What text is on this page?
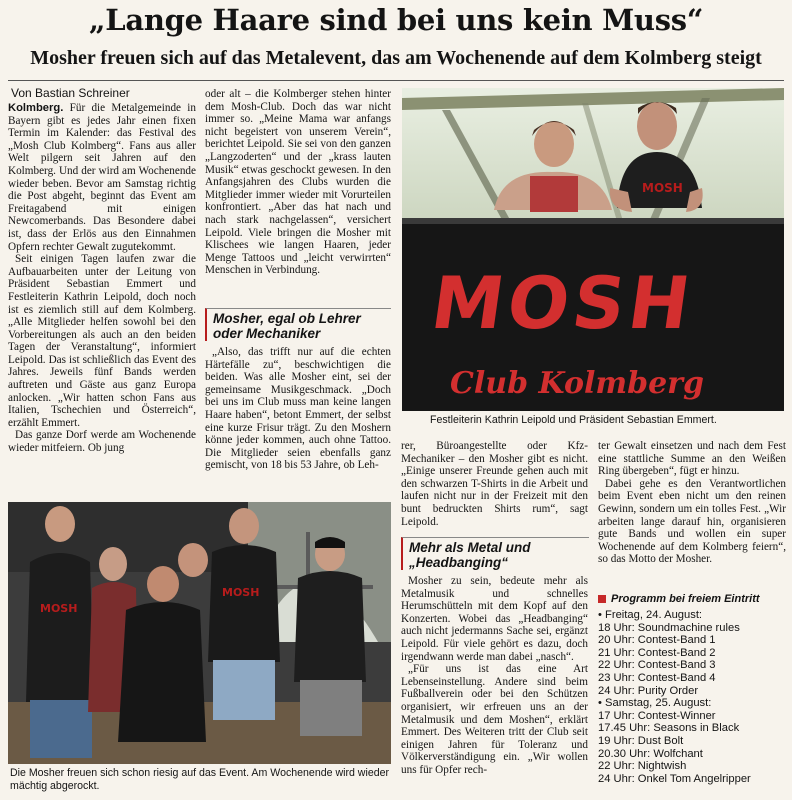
„Lange Haare sind bei uns kein Muss“
Mosher freuen sich auf das Metalevent, das am Wochenende auf dem Kolmberg steigt
Von Bastian Schreiner

Kolmberg. Für die Metalgemeinde in Bayern gibt es jedes Jahr einen fixen Termin im Kalender: das Festival des „Mosh Club Kolmberg“. Fans aus aller Welt pilgern seit Jahren auf den Kolmberg. Und der wird am Wochenende wieder beben. Bevor am Samstag richtig die Post abgeht, beginnt das Event am Freitagabend mit einigen Newcomerbands. Das Besondere dabei ist, dass der Erlös aus den Einnahmen Opfern rechter Gewalt zugutekommt.

Seit einigen Tagen laufen zwar die Aufbauarbeiten unter der Leitung von Präsident Sebastian Emmert und Festleiterin Kathrin Leipold, doch noch ist es ziemlich still auf dem Kolmberg. „Alle Mitglieder helfen sowohl bei den Vorbereitungen als auch an den beiden Tagen der Veranstaltung“, informiert Leipold. Das ist schließlich das Event des Jahres. Jeweils fünf Bands werden auftreten und Gäste aus ganz Europa anlocken. „Wir hatten schon Fans aus Italien, Tschechien und Österreich“, erzählt Emmert.

Das ganze Dorf werde am Wochenende wieder mitfeiern. Ob jung

oder alt – die Kolmberger stehen hinter dem Mosh-Club. Doch das war nicht immer so. „Meine Mama war anfangs nicht begeistert von unserem Verein“, berichtet Leipold. Sie sei von den ganzen „Langzoderten“ und der „krass lauten Musik“ etwas geschockt gewesen. In den Anfangsjahren des Clubs wurden die Mitglieder immer wieder mit Vorurteilen konfrontiert. „Aber das hat nach und nach stark nachgelassen“, versichert Leipold. Viele bringen die Mosher mit Klischees wie langen Haaren, jeder Menge Tattoos und „leicht verwirrten“ Menschen in Verbindung.

Mosher, egal ob Lehrer oder Mechaniker

„Also, das trifft nur auf die echten Härtefälle zu“, beschwichtigen die beiden. Was alle Mosher eint, sei der gemeinsame Musikgeschmack. „Doch bei uns im Club muss man keine langen Haare haben“, betont Emmert, der selbst eine kurze Frisur trägt. Zu den Moshern könne jeder kommen, auch ohne Tattoo. Die Mitglieder seien ebenfalls ganz gemischt, von 18 bis 53 Jahre, ob Leh-

MOSH
MOSH
Club Kolmberg
Festleiterin Kathrin Leipold und Präsident Sebastian Emmert.

rer, Büroangestellte oder Kfz-Mechaniker – den Mosher gibt es nicht. „Einige unserer Freunde gehen auch mit den schwarzen T-Shirts in die Arbeit und laufen nicht nur in der Freizeit mit den bunt bedruckten Shirts rum“, sagt Leipold.

Mehr als Metal und „Headbanging“

Mosher zu sein, bedeute mehr als Metalmusik und schnelles Herumschütteln mit dem Kopf auf den Konzerten. Wobei das „Headbanging“ auch nicht jedermanns Sache sei, ergänzt Leipold. Für viele gehört es dazu, doch irgendwann werde man dabei „nasch“.

„Für uns ist das eine Art Lebenseinstellung. Andere sind beim Fußballverein oder bei den Schützen organisiert, wir erfreuen uns an der Metalmusik und dem Moshen“, erklärt Emmert. Des Weiteren tritt der Club seit einigen Jahren für Toleranz und Völkerverständigung ein. „Wir wollen uns für Opfer rech-

ter Gewalt einsetzen und nach dem Fest eine stattliche Summe an den Weißen Ring übergeben“, fügt er hinzu.

Dabei gehe es den Verantwortlichen beim Event eben nicht um den reinen Gewinn, sondern um ein tolles Fest. „Wir arbeiten lange darauf hin, organisieren gute Bands und wollen ein super Wochenende auf dem Kolmberg feiern“, so das Motto der Mosher.

Programm bei freiem Eintritt
• Freitag, 24. August:
18 Uhr: Soundmachine rules
20 Uhr: Contest-Band 1
21 Uhr: Contest-Band 2
22 Uhr: Contest-Band 3
23 Uhr: Contest-Band 4
24 Uhr: Purity Order
• Samstag, 25. August:
17 Uhr: Contest-Winner
17.45 Uhr: Seasons in Black
19 Uhr: Dust Bolt
20.30 Uhr: Wolfchant
22 Uhr: Nightwish
24 Uhr: Onkel Tom Angelripper
MOSH
MOSH
Die Mosher freuen sich schon riesig auf das Event. Am Wochenende wird wieder mächtig abgerockt.
